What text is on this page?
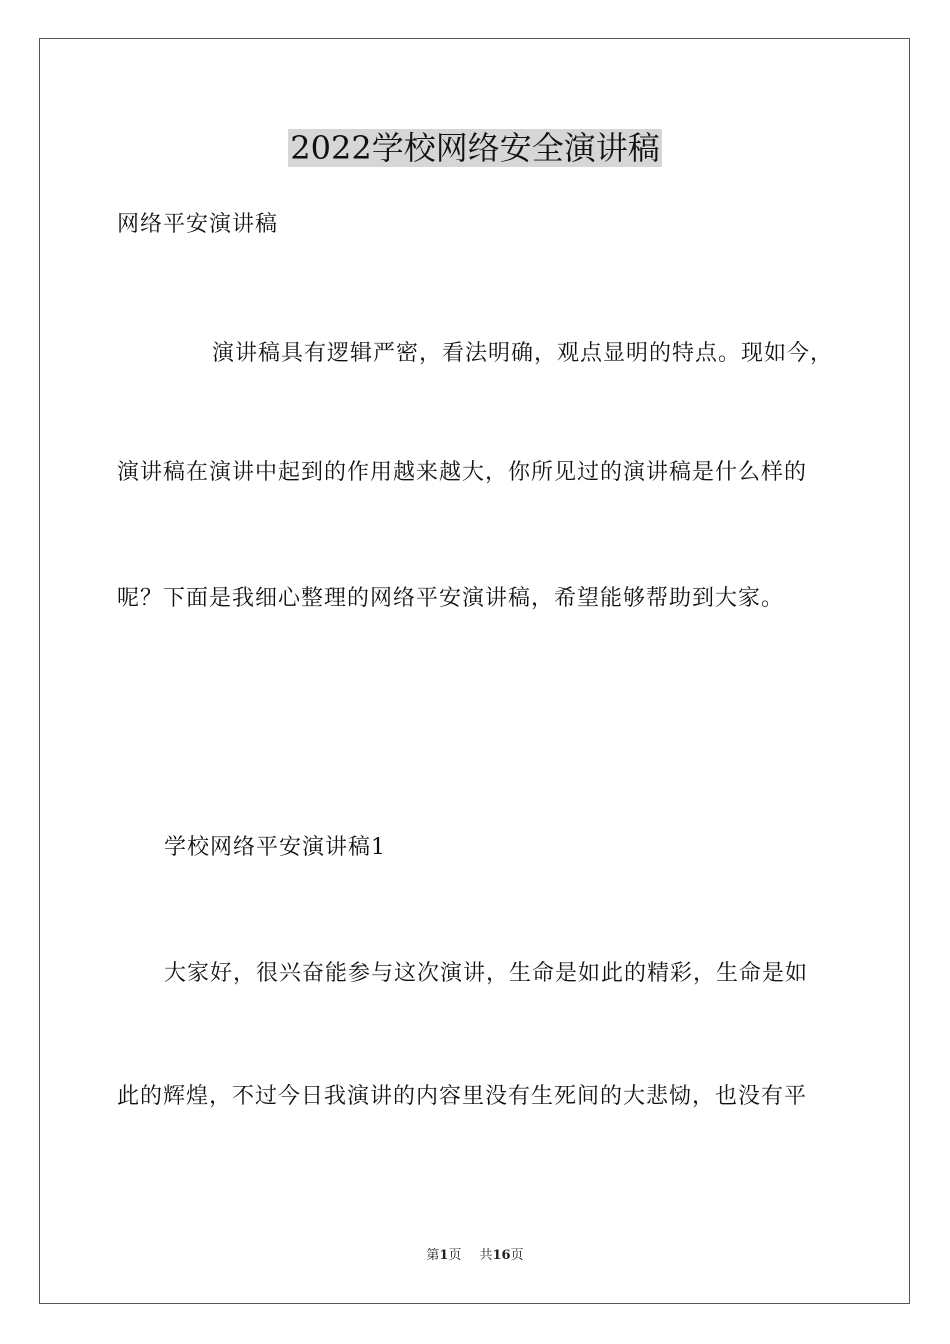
2022学校网络安全演讲稿

网络平安演讲稿

演讲稿具有逻辑严密，看法明确，观点显明的特点。现如今，

演讲稿在演讲中起到的作用越来越大，你所见过的演讲稿是什么样的

呢？下面是我细心整理的网络平安演讲稿，希望能够帮助到大家。

学校网络平安演讲稿1

大家好，很兴奋能参与这次演讲，生命是如此的精彩，生命是如

此的辉煌，不过今日我演讲的内容里没有生死间的大悲恸，也没有平

第1页 共16页
